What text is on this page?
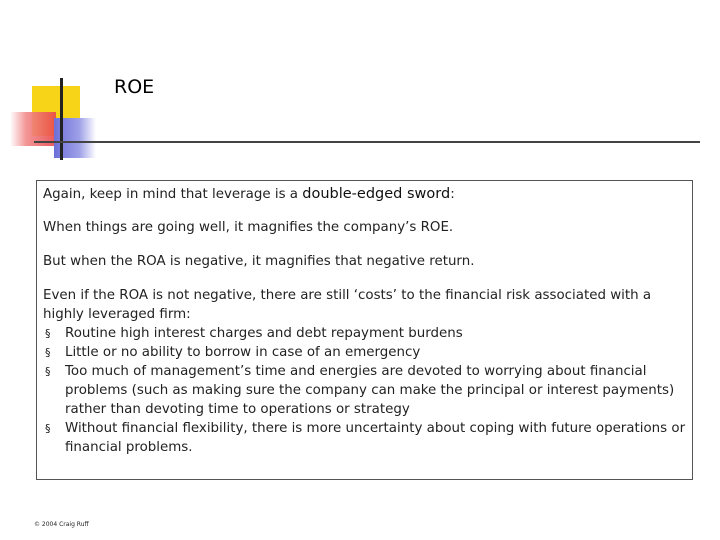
ROE

Again, keep in mind that leverage is a double-edged sword:

When things are going well, it magnifies the company’s ROE.

But when the ROA is negative, it magnifies that negative return.

Even if the ROA is not negative, there are still ‘costs’ to the financial risk associated with a highly leveraged firm:

§ Routine high interest charges and debt repayment burdens
§ Little or no ability to borrow in case of an emergency
§ Too much of management’s time and energies are devoted to worrying about financial problems (such as making sure the company can make the principal or interest payments) rather than devoting time to operations or strategy
§ Without financial flexibility, there is more uncertainty about coping with future operations or financial problems.
© 2004 Craig Ruff
